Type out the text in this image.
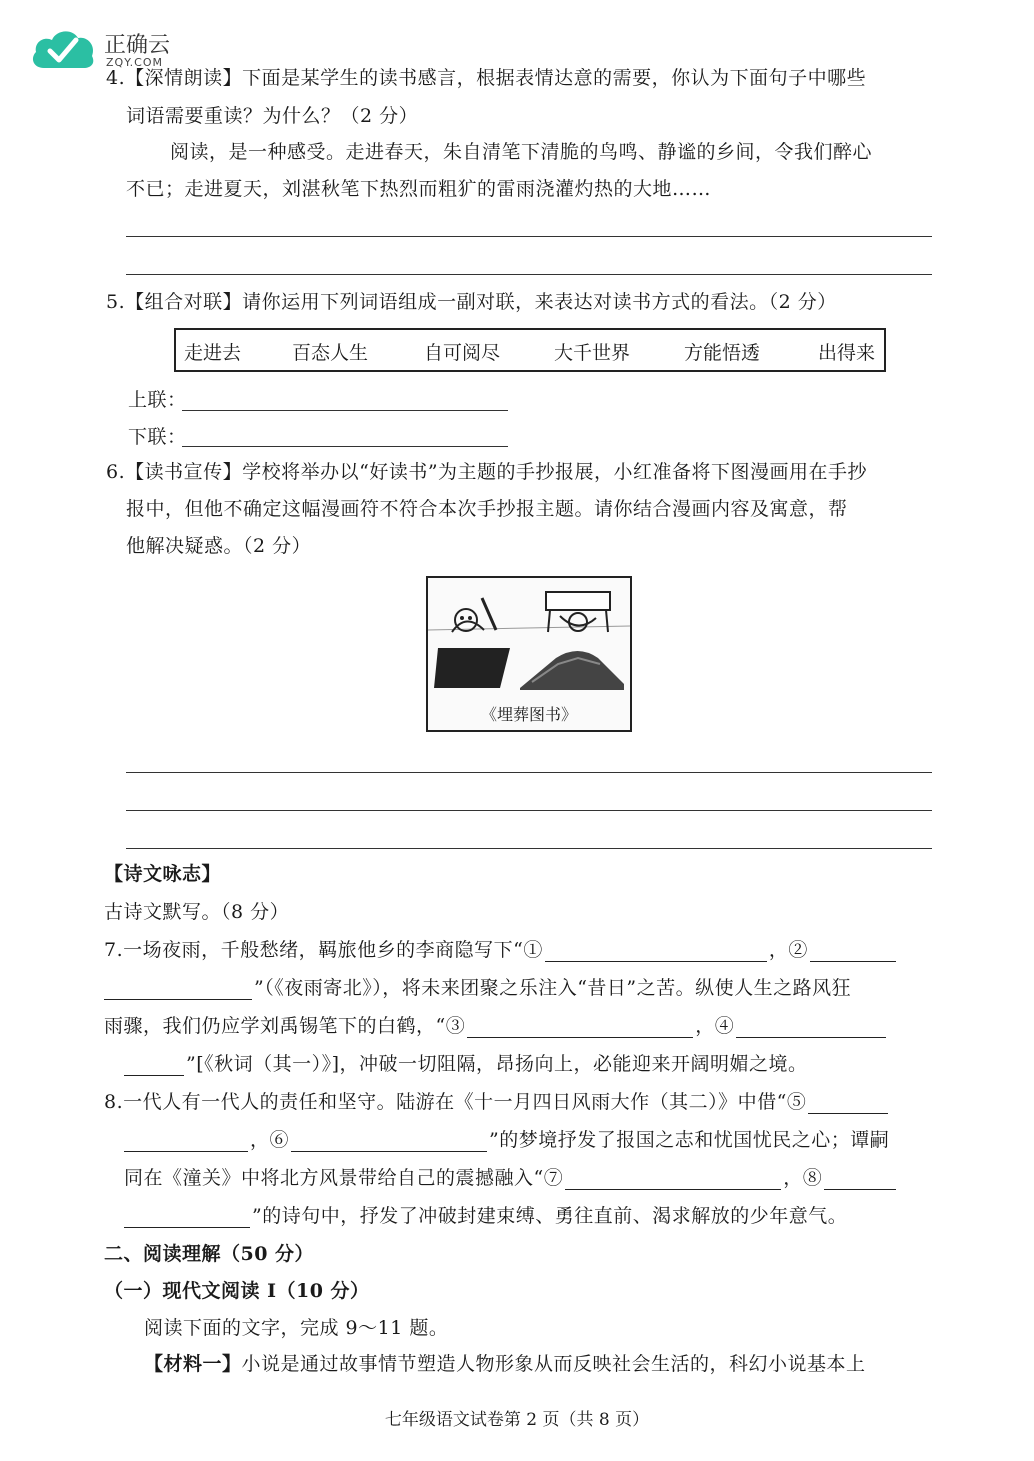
正确云
ZQY.COM
4.【深情朗读】下面是某学生的读书感言，根据表情达意的需要，你认为下面句子中哪些
词语需要重读？为什么？（2 分）
阅读，是一种感受。走进春天，朱自清笔下清脆的鸟鸣、静谧的乡间，令我们醉心
不已；走进夏天，刘湛秋笔下热烈而粗犷的雷雨浇灌灼热的大地……
5.【组合对联】请你运用下列词语组成一副对联，来表达对读书方式的看法。（2 分）
走进去	百态人生	自可阅尽	大千世界	方能悟透	出得来
上联：
下联：
6.【读书宣传】学校将举办以“好读书”为主题的手抄报展，小红准备将下图漫画用在手抄
报中，但他不确定这幅漫画符不符合本次手抄报主题。请你结合漫画内容及寓意，帮
他解决疑惑。（2 分）
《埋葬图书》
【诗文咏志】
古诗文默写。（8 分）
7.一场夜雨，千般愁绪，羁旅他乡的李商隐写下“①	，②
”（《夜雨寄北》），将未来团聚之乐注入“昔日”之苦。纵使人生之路风狂
雨骤，我们仍应学刘禹锡笔下的白鹤，“③	，④
”[《秋词（其一）》]，冲破一切阻隔，昂扬向上，必能迎来开阔明媚之境。
8.一代人有一代人的责任和坚守。陆游在《十一月四日风雨大作（其二）》中借“⑤
，⑥	”的梦境抒发了报国之志和忧国忧民之心；谭嗣
同在《潼关》中将北方风景带给自己的震撼融入“⑦	，⑧
”的诗句中，抒发了冲破封建束缚、勇往直前、渴求解放的少年意气。
二、阅读理解（50 分）
（一）现代文阅读 Ⅰ（10 分）
阅读下面的文字，完成 9～11 题。
【材料一】小说是通过故事情节塑造人物形象从而反映社会生活的，科幻小说基本上
七年级语文试卷第 2 页（共 8 页）
